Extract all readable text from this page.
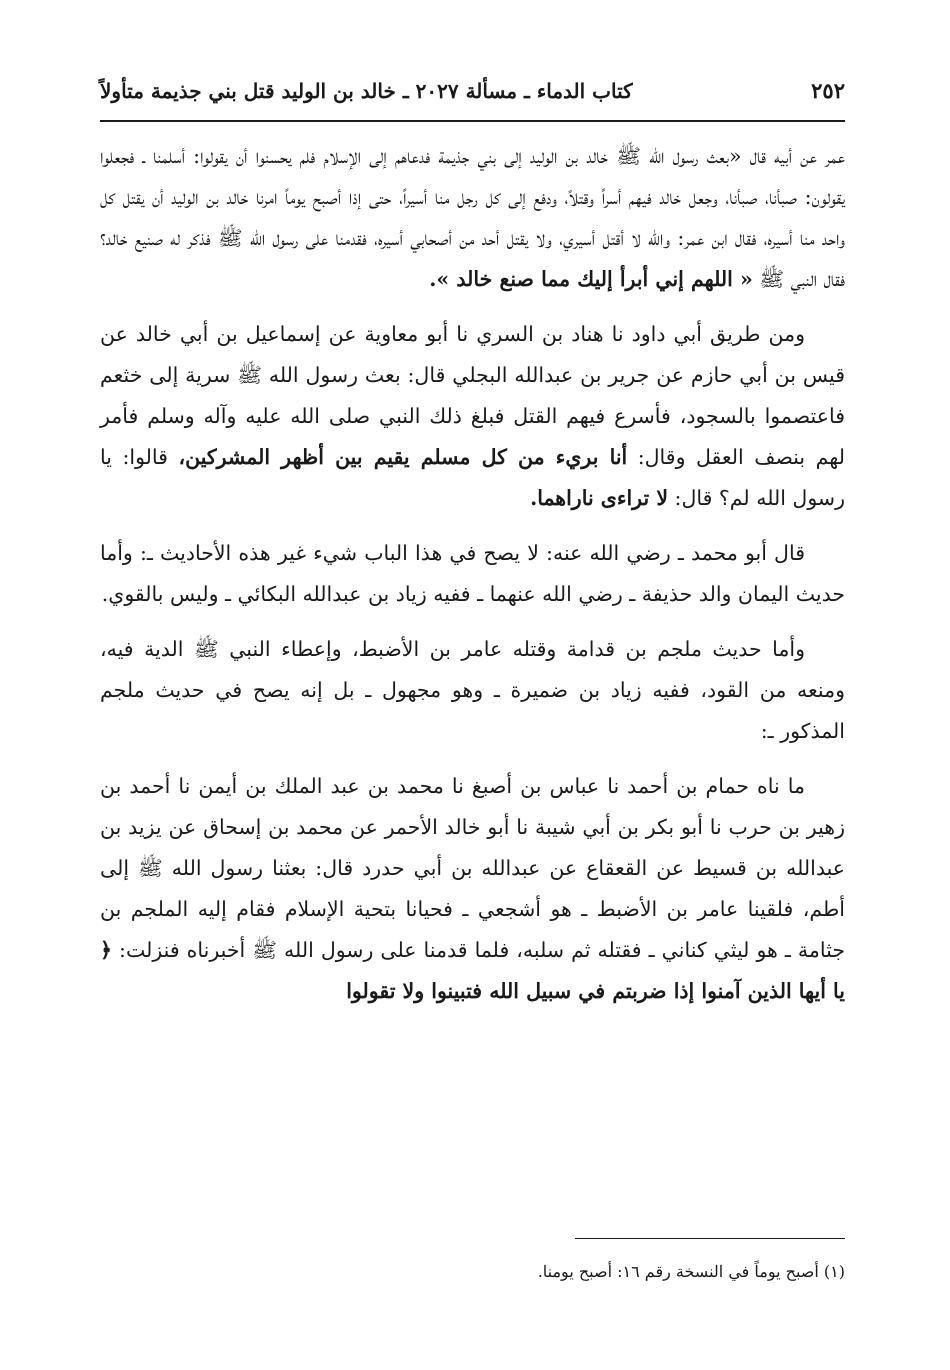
٢٥٢
كتاب الدماء ـ مسألة ٢٠٢٧ ـ خالد بن الوليد قتل بني جذيمة متأولاً

عمر عن أبيه قال «بعث رسول الله ﷺ خالد بن الوليد إلى بني جذيمة فدعاهم إلى الإسلام فلم يحسنوا أن يقولوا: أسلمنا ـ فجعلوا يقولون: صبأنا، صبأنا، وجعل خالد فيهم أسراً وقتلاً، ودفع إلى كل رجل منا أسيراً، حتى إذا أصبح يوماً امرنا خالد بن الوليد أن يقتل كل واحد منا أسيره، فقال ابن عمر: والله لا أقتل أسيري، ولا يقتل أحد من أصحابي أسيره، فقدمنا على رسول الله ﷺ فذكر له صنيع خالد؟ فقال النبي ﷺ « اللهم إني أبرأ إليك مما صنع خالد ».

ومن طريق أبي داود نا هناد بن السري نا أبو معاوية عن إسماعيل بن أبي خالد عن قيس بن أبي حازم عن جرير بن عبدالله البجلي قال: بعث رسول الله ﷺ سرية إلى خثعم فاعتصموا بالسجود، فأسرع فيهم القتل فبلغ ذلك النبي صلى الله عليه وآله وسلم فأمر لهم بنصف العقل وقال: أنا بريء من كل مسلم يقيم بين أظهر المشركين، قالوا: يا رسول الله لم؟ قال: لا تراءى ناراهما.

قال أبو محمد ـ رضي الله عنه: لا يصح في هذا الباب شيء غير هذه الأحاديث ـ: وأما حديث اليمان والد حذيفة ـ رضي الله عنهما ـ ففيه زياد بن عبدالله البكائي ـ وليس بالقوي.

وأما حديث ملجم بن قدامة وقتله عامر بن الأضبط، وإعطاء النبي ﷺ الدية فيه، ومنعه من القود، ففيه زياد بن ضميرة ـ وهو مجهول ـ بل إنه يصح في حديث ملجم المذكور ـ:

ما ناه حمام بن أحمد نا عباس بن أصبغ نا محمد بن عبد الملك بن أيمن نا أحمد بن زهير بن حرب نا أبو بكر بن أبي شيبة نا أبو خالد الأحمر عن محمد بن إسحاق عن يزيد بن عبدالله بن قسيط عن القعقاع عن عبدالله بن أبي حدرد قال: بعثنا رسول الله ﷺ إلى أطم، فلقينا عامر بن الأضبط ـ هو أشجعي ـ فحيانا بتحية الإسلام فقام إليه الملجم بن جثامة ـ هو ليثي كناني ـ فقتله ثم سلبه، فلما قدمنا على رسول الله ﷺ أخبرناه فنزلت: ﴿ يا أيها الذين آمنوا إذا ضربتم في سبيل الله فتبينوا ولا تقولوا

(١) أصبح يوماً في النسخة رقم ١٦: أصبح يومنا.
